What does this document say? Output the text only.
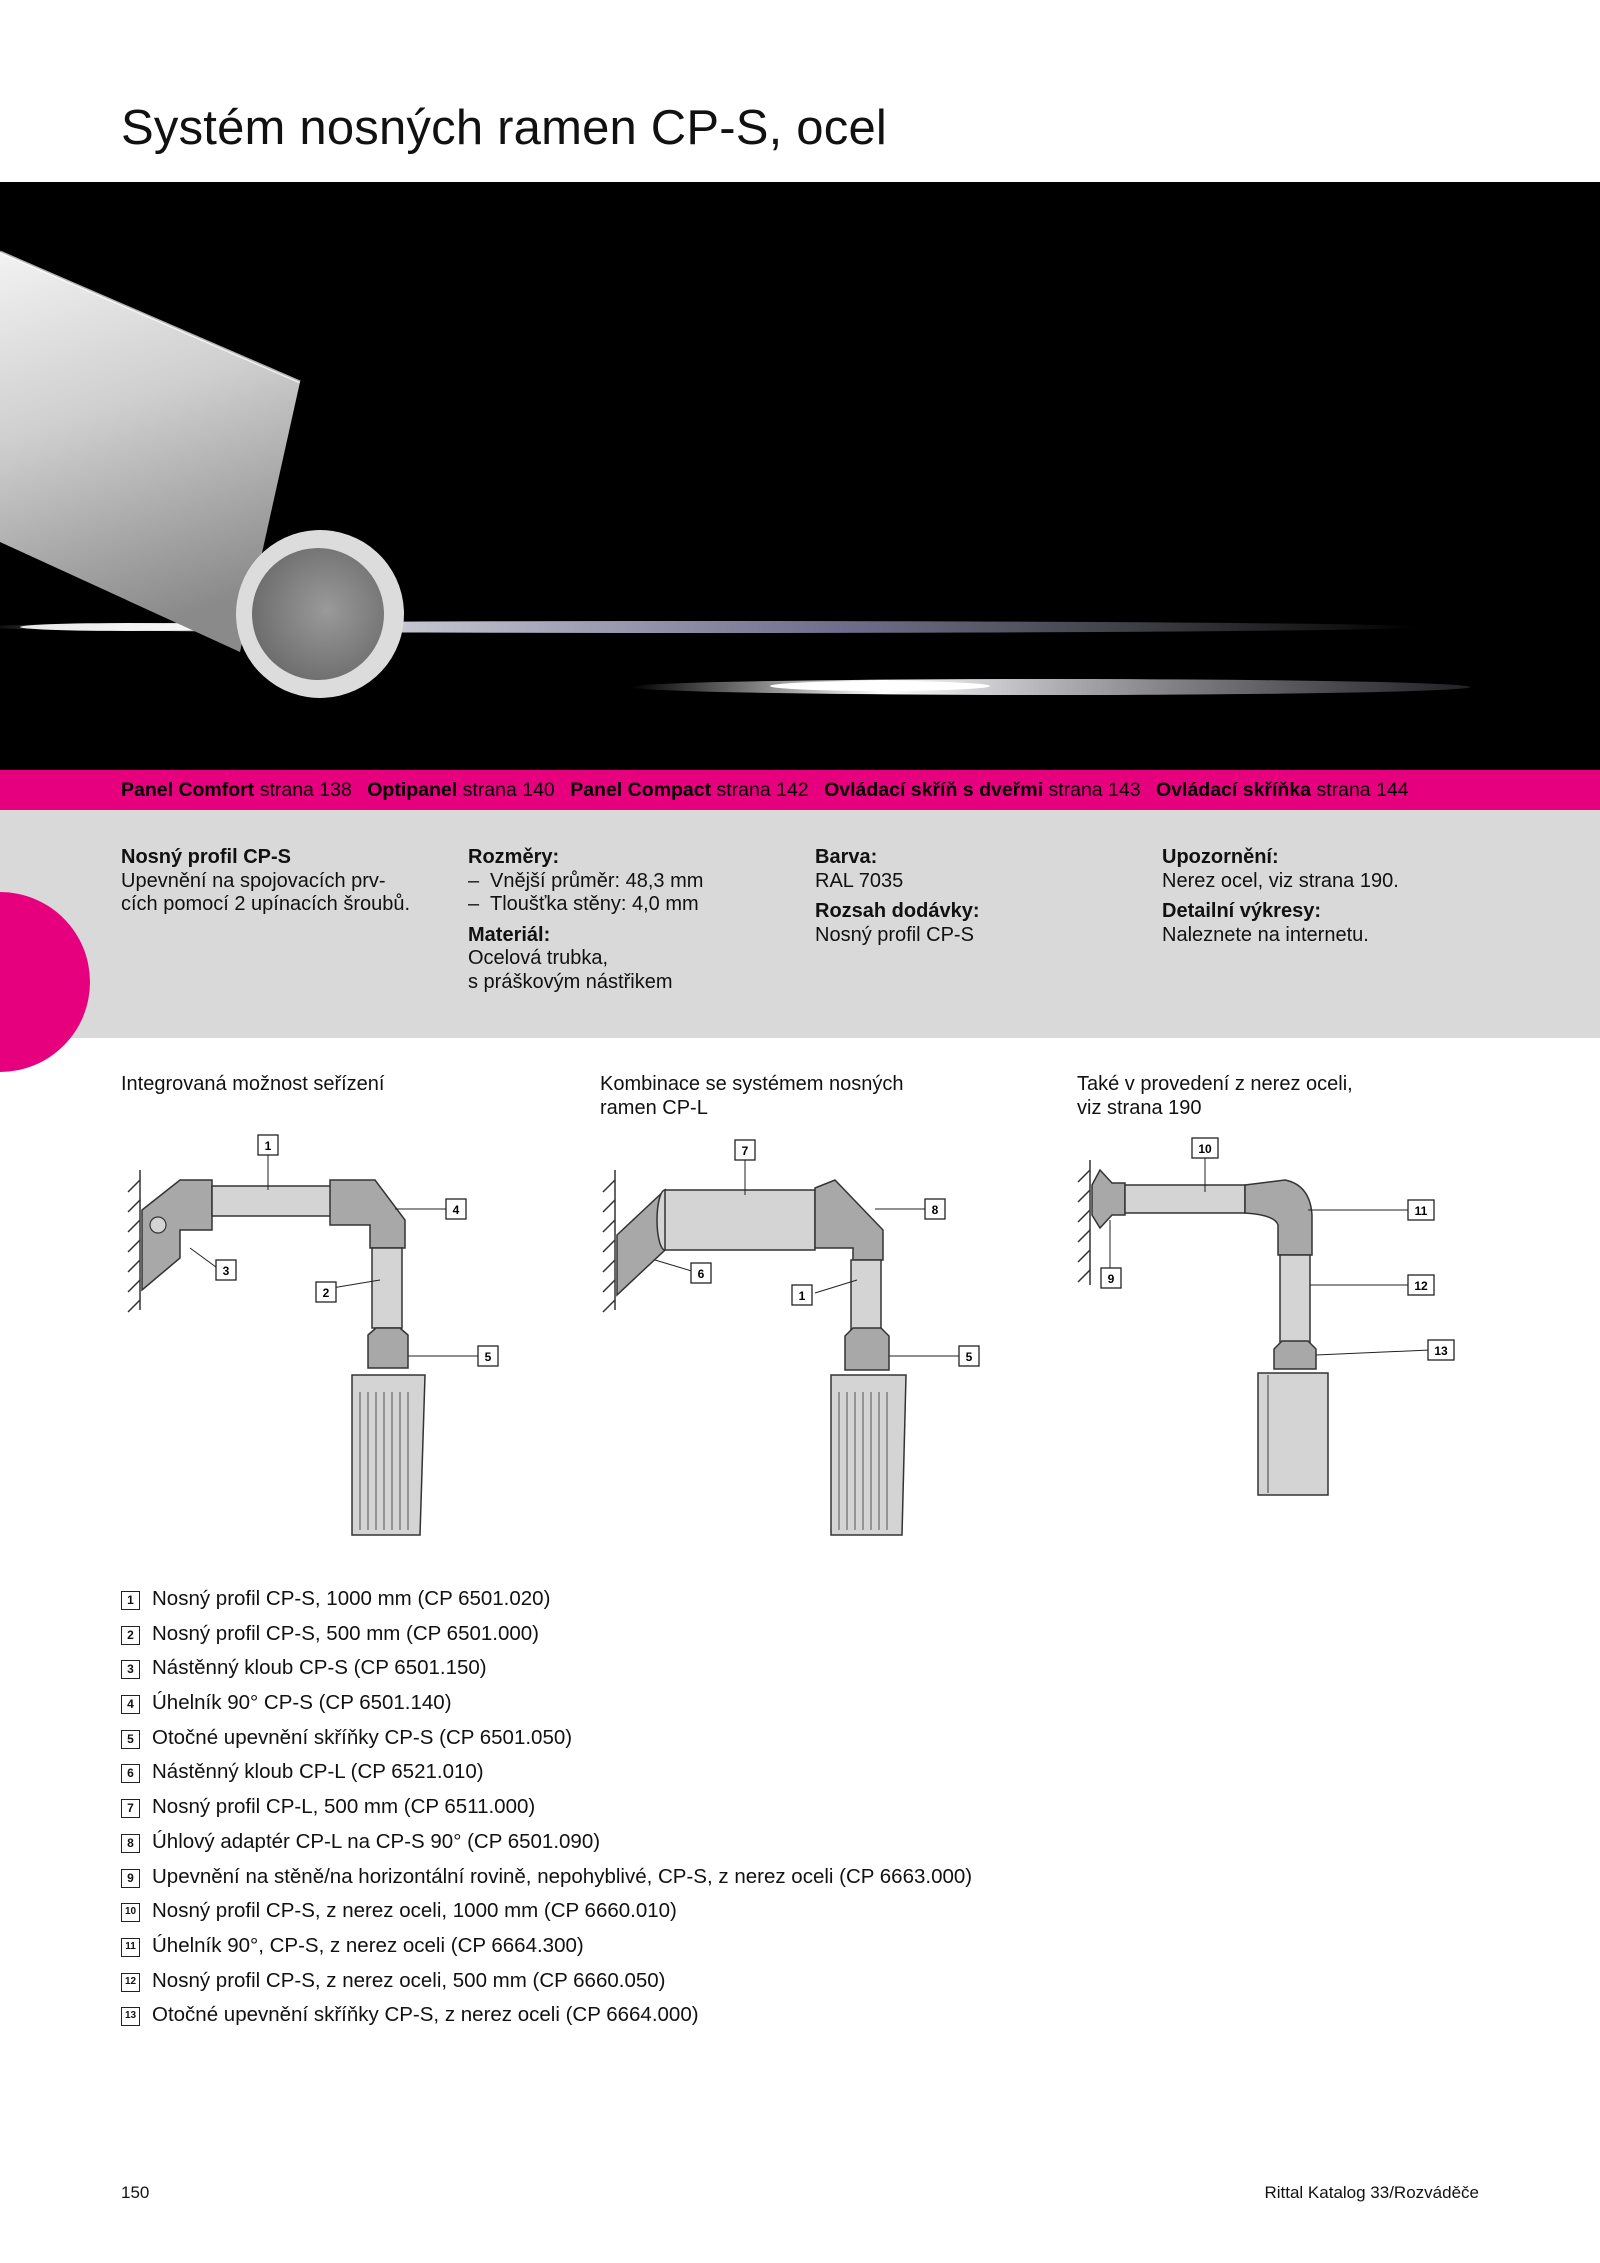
Systém nosných ramen CP-S, ocel
Panel Comfort strana 138 Optipanel strana 140 Panel Compact strana 142 Ovládací skříň s dveřmi strana 143 Ovládací skříňka strana 144
Nosný profil CP-S
Upevnění na spojovacích prv-
cích pomocí 2 upínacích šroubů.
Rozměry:
– Vnější průměr: 48,3 mm
– Tloušťka stěny: 4,0 mm
Materiál:
Ocelová trubka,
s práškovým nástřikem
Barva:
RAL 7035
Rozsah dodávky:
Nosný profil CP-S
Upozornění:
Nerez ocel, viz strana 190.
Detailní výkresy:
Naleznete na internetu.
Integrovaná možnost seřízení	Kombinace se systémem nosných
ramen CP-L
Také v provedení z nerez oceli,
viz strana 190
1
4
3
2
5
7
8
6
1
5
10
11
9	12
13
1 Nosný profil CP-S, 1000 mm (CP 6501.020)
2 Nosný profil CP-S, 500 mm (CP 6501.000)
3 Nástěnný kloub CP-S (CP 6501.150)
4 Úhelník 90° CP-S (CP 6501.140)
5 Otočné upevnění skříňky CP-S (CP 6501.050)
6 Nástěnný kloub CP-L (CP 6521.010)
7 Nosný profil CP-L, 500 mm (CP 6511.000)
8 Úhlový adaptér CP-L na CP-S 90° (CP 6501.090)
9 Upevnění na stěně/na horizontální rovině, nepohyblivé, CP-S, z nerez oceli (CP 6663.000)
10 Nosný profil CP-S, z nerez oceli, 1000 mm (CP 6660.010)
11 Úhelník 90°, CP-S, z nerez oceli (CP 6664.300)
12 Nosný profil CP-S, z nerez oceli, 500 mm (CP 6660.050)
13 Otočné upevnění skříňky CP-S, z nerez oceli (CP 6664.000)
150	Rittal Katalog 33/Rozváděče
